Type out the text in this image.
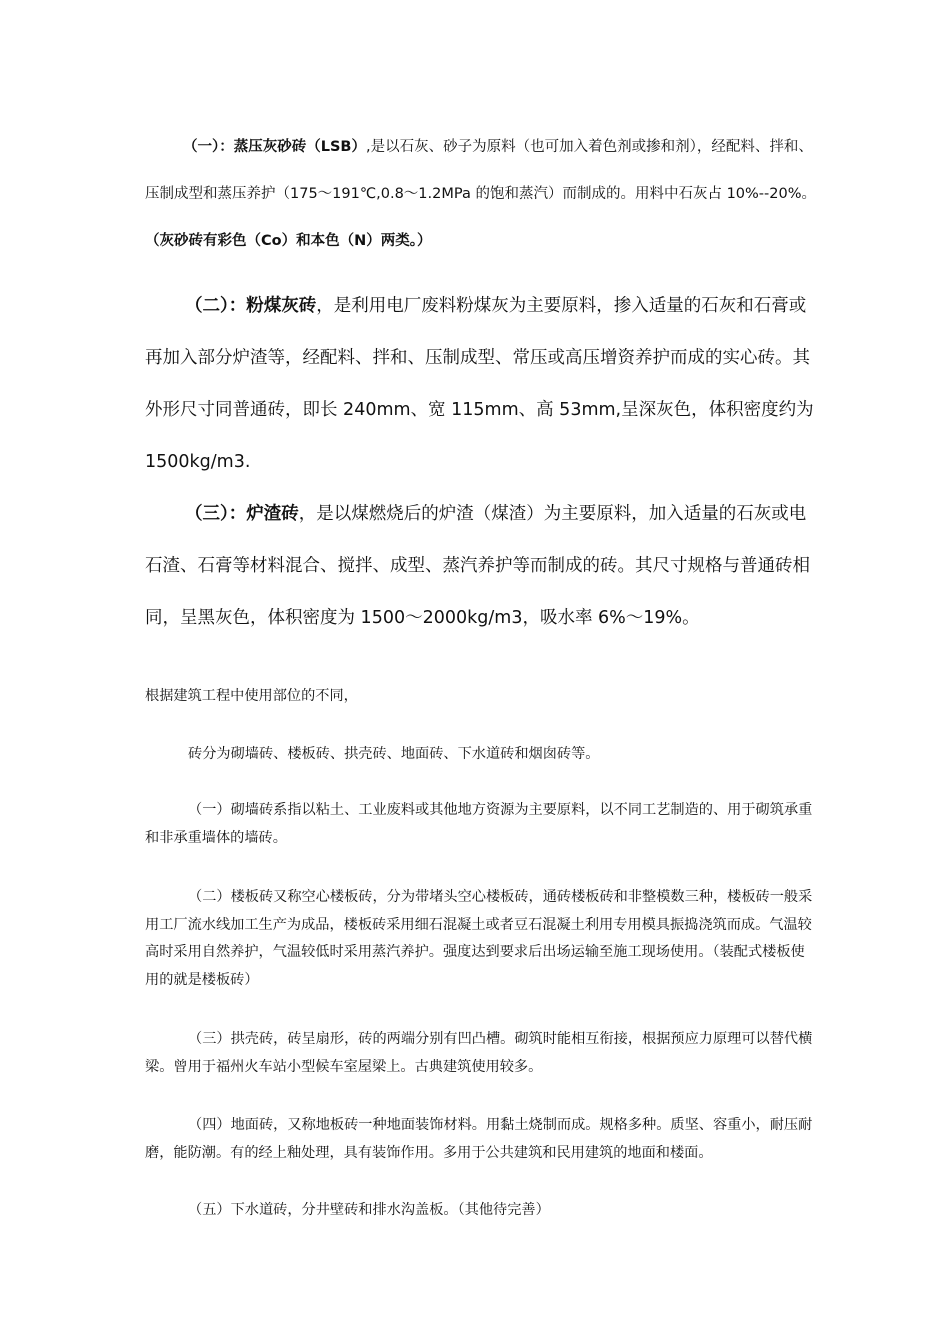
（一）：蒸压灰砂砖（LSB）,是以石灰、砂子为原料（也可加入着色剂或掺和剂），经配料、拌和、压制成型和蒸压养护（175～191℃,0.8～1.2MPa 的饱和蒸汽）而制成的。用料中石灰占 10%--20%。（灰砂砖有彩色（Co）和本色（N）两类。）

（二）：粉煤灰砖，是利用电厂废料粉煤灰为主要原料，掺入适量的石灰和石膏或再加入部分炉渣等，经配料、拌和、压制成型、常压或高压增资养护而成的实心砖。其外形尺寸同普通砖，即长 240mm、宽 115mm、高 53mm,呈深灰色，体积密度约为 1500kg/m3.

（三）：炉渣砖，是以煤燃烧后的炉渣（煤渣）为主要原料，加入适量的石灰或电石渣、石膏等材料混合、搅拌、成型、蒸汽养护等而制成的砖。其尺寸规格与普通砖相同，呈黑灰色，体积密度为 1500～2000kg/m3，吸水率 6%～19%。

根据建筑工程中使用部位的不同，

砖分为砌墙砖、楼板砖、拱壳砖、地面砖、下水道砖和烟囱砖等。

（一）砌墙砖系指以粘土、工业废料或其他地方资源为主要原料，以不同工艺制造的、用于砌筑承重和非承重墙体的墙砖。

（二）楼板砖又称空心楼板砖，分为带堵头空心楼板砖，通砖楼板砖和非整模数三种，楼板砖一般采用工厂流水线加工生产为成品，楼板砖采用细石混凝土或者豆石混凝土利用专用模具振捣浇筑而成。气温较高时采用自然养护，气温较低时采用蒸汽养护。强度达到要求后出场运输至施工现场使用。（装配式楼板使用的就是楼板砖）

（三）拱壳砖，砖呈扇形，砖的两端分别有凹凸槽。砌筑时能相互衔接，根据预应力原理可以替代横梁。曾用于福州火车站小型候车室屋梁上。古典建筑使用较多。

（四）地面砖，又称地板砖一种地面装饰材料。用黏土烧制而成。规格多种。质坚、容重小，耐压耐磨，能防潮。有的经上釉处理，具有装饰作用。多用于公共建筑和民用建筑的地面和楼面。

（五）下水道砖，分井壁砖和排水沟盖板。（其他待完善）
